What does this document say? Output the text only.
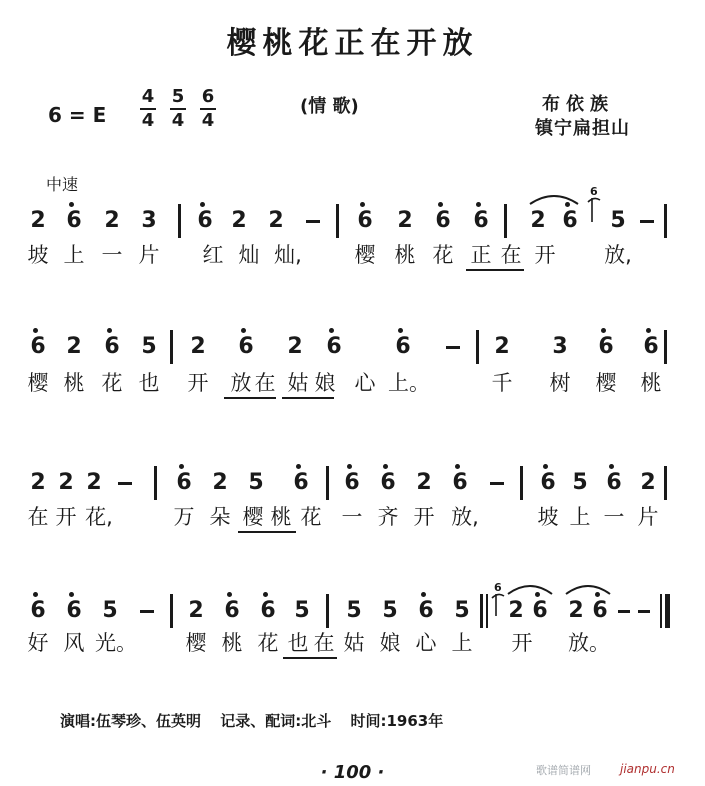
樱桃花正在开放
6 = E
4
4
5
4
6
4
(情 歌)	布依族
镇宁扁担山
中速
2 6 2 3 6 2 2	6 2 6 6 2 6 5
6
坡 上 一 片 红 灿 灿,	樱 桃 花 正 在 开 放,
6 2 6 5 2 6 2 6 6	2 3 6 6
樱 桃 花 也 开 放 在 姑 娘 心 上。	千 树 樱 桃
2 2 2	6 2 5 6 6 6 2 6	6 5 6 2
在 开 花,	万 朵 樱 桃 花 一 齐 开 放,	坡 上 一 片
6 6 5	2 6 6 5 5 5 6 5 2 6 2 6
6
好 风 光。 樱 桃 花 也 在 姑 娘 心 上 开 放。
演唱:伍琴珍、伍英明 记录、配词:北斗 时间:1963年
· 100 ·	歌谱简谱网 jianpu.cn
